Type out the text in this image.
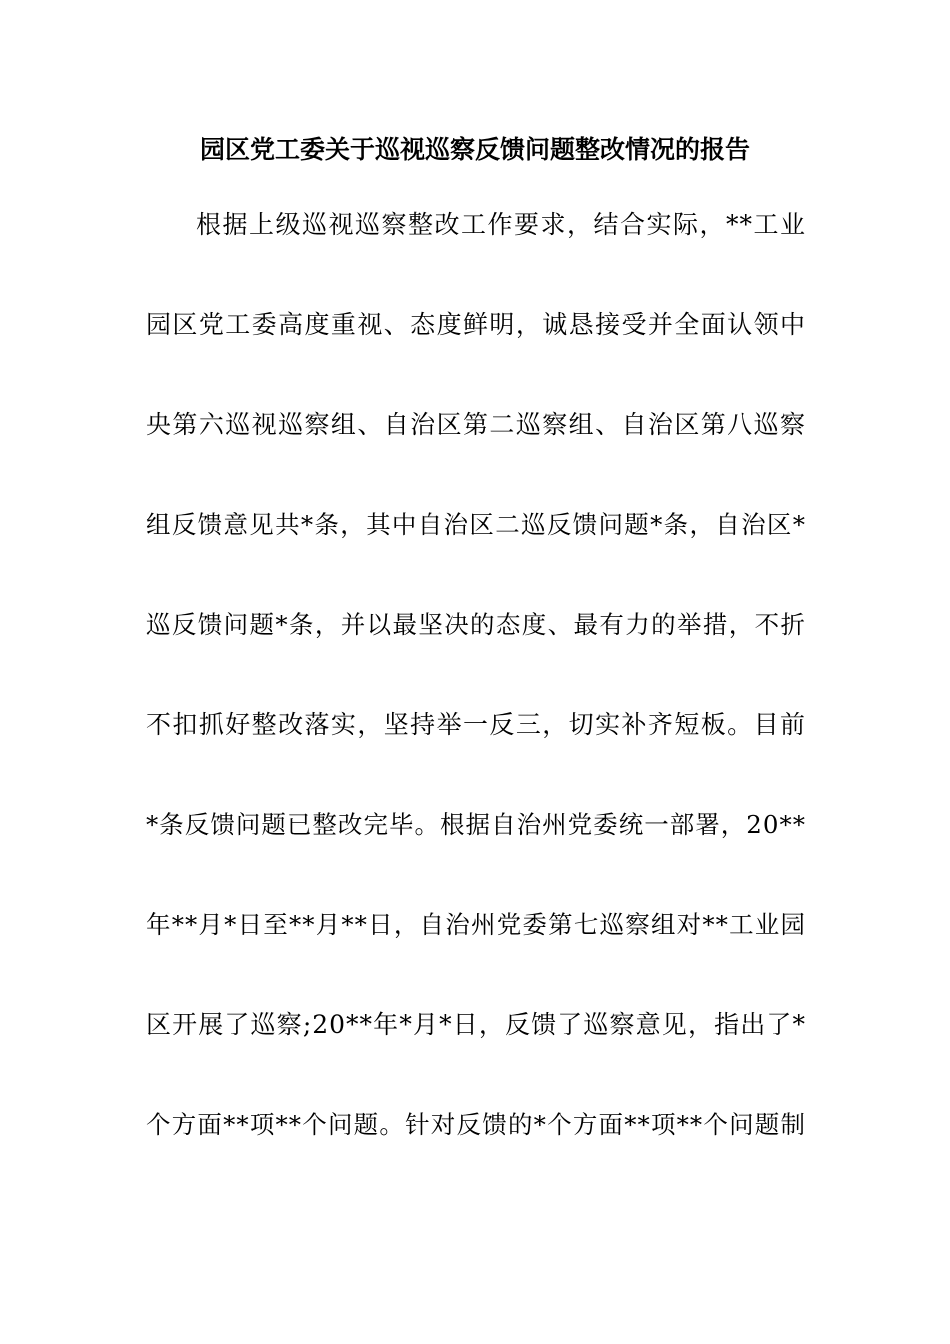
园区党工委关于巡视巡察反馈问题整改情况的报告
根据上级巡视巡察整改工作要求，结合实际，**工业
园区党工委高度重视、态度鲜明，诚恳接受并全面认领中
央第六巡视巡察组、自治区第二巡察组、自治区第八巡察
组反馈意见共*条，其中自治区二巡反馈问题*条，自治区*
巡反馈问题*条，并以最坚决的态度、最有力的举措，不折
不扣抓好整改落实，坚持举一反三，切实补齐短板。目前
*条反馈问题已整改完毕。根据自治州党委统一部署，20**
年**月*日至**月**日，自治州党委第七巡察组对**工业园
区开展了巡察;20**年*月*日，反馈了巡察意见，指出了*
个方面**项**个问题。针对反馈的*个方面**项**个问题制
